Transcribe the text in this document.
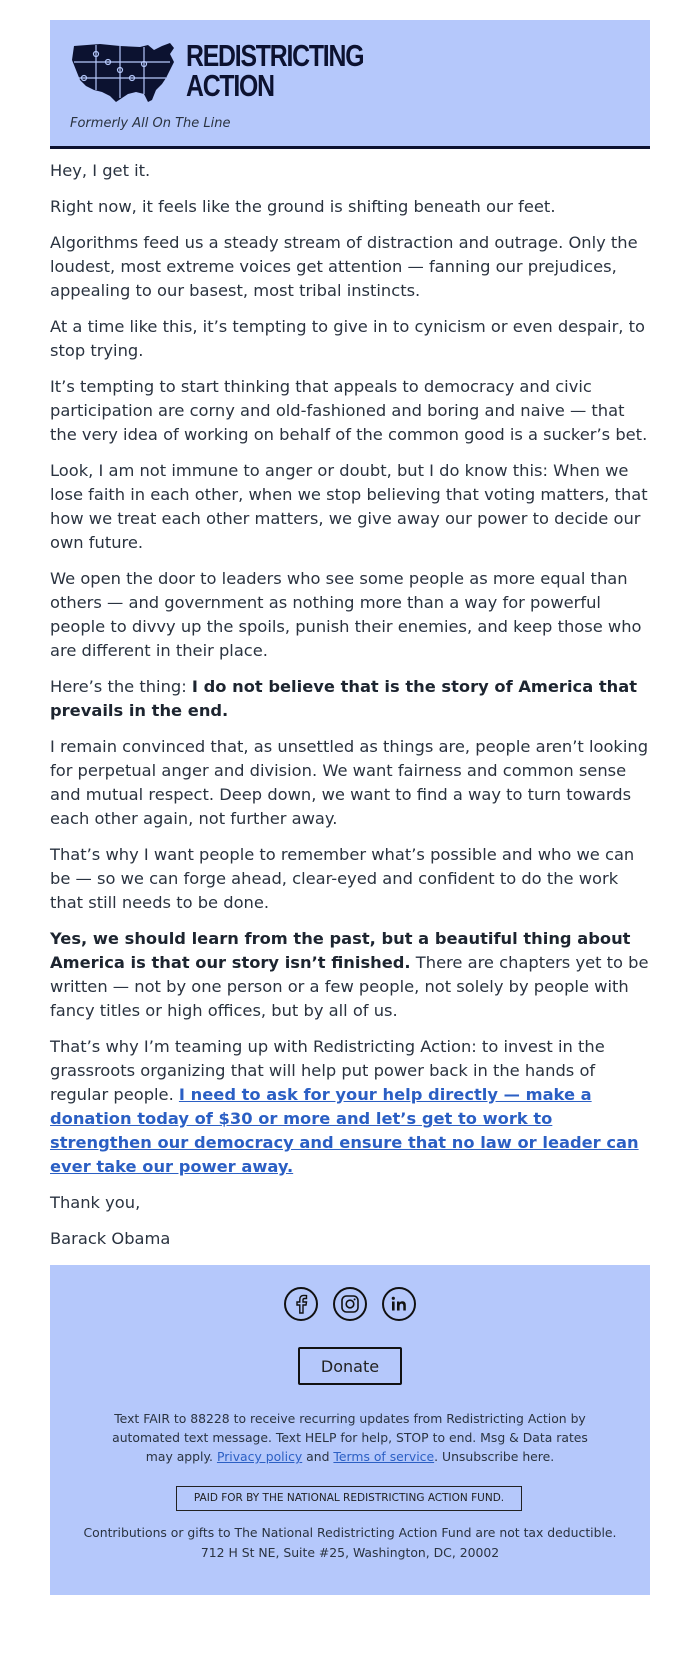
REDISTRICTING
ACTION
Formerly All On The Line

Hey, I get it.

Right now, it feels like the ground is shifting beneath our feet.

Algorithms feed us a steady stream of distraction and outrage. Only the loudest, most extreme voices get attention — fanning our prejudices, appealing to our basest, most tribal instincts.

At a time like this, it’s tempting to give in to cynicism or even despair, to stop trying.

It’s tempting to start thinking that appeals to democracy and civic participation are corny and old-fashioned and boring and naive — that the very idea of working on behalf of the common good is a sucker’s bet.

Look, I am not immune to anger or doubt, but I do know this: When we lose faith in each other, when we stop believing that voting matters, that how we treat each other matters, we give away our power to decide our own future.

We open the door to leaders who see some people as more equal than others — and government as nothing more than a way for powerful people to divvy up the spoils, punish their enemies, and keep those who are different in their place.

Here’s the thing: I do not believe that is the story of America that prevails in the end.

I remain convinced that, as unsettled as things are, people aren’t looking for perpetual anger and division. We want fairness and common sense and mutual respect. Deep down, we want to find a way to turn towards each other again, not further away.

That’s why I want people to remember what’s possible and who we can be — so we can forge ahead, clear-eyed and confident to do the work that still needs to be done.

Yes, we should learn from the past, but a beautiful thing about America is that our story isn’t finished. There are chapters yet to be written — not by one person or a few people, not solely by people with fancy titles or high offices, but by all of us.

That’s why I’m teaming up with Redistricting Action: to invest in the grassroots organizing that will help put power back in the hands of regular people. I need to ask for your help directly — make a donation today of $30 or more and let’s get to work to strengthen our democracy and ensure that no law or leader can ever take our power away.

Thank you,

Barack Obama

Donate
Text FAIR to 88228 to receive recurring updates from Redistricting Action by automated text message. Text HELP for help, STOP to end. Msg & Data rates may apply. Privacy policy and Terms of service. Unsubscribe here.
PAID FOR BY THE NATIONAL REDISTRICTING ACTION FUND.
Contributions or gifts to The National Redistricting Action Fund are not tax deductible.
712 H St NE, Suite #25, Washington, DC, 20002
